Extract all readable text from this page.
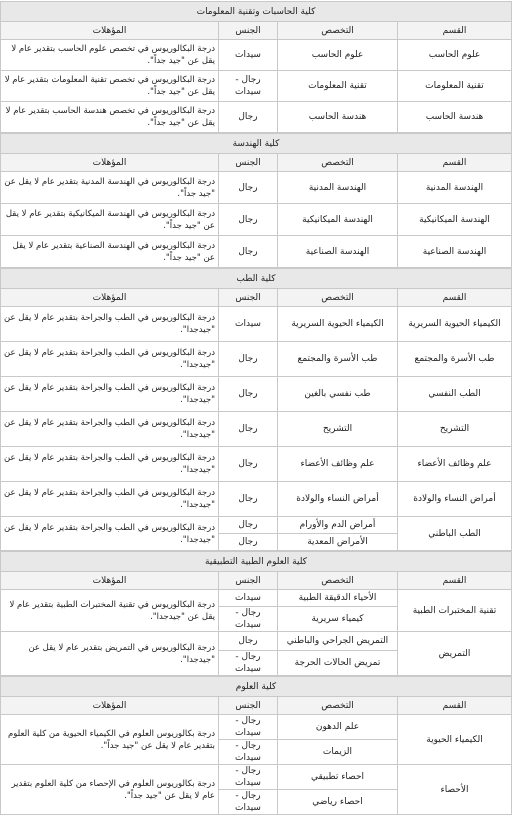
كلية الحاسبات وتقنية المعلومات			
القسم	التخصص	الجنس	المؤهلات
علوم الحاسب	علوم الحاسب	سيدات	درجة البكالوريوس في تخصص علوم الحاسب بتقدير عام لا يقل عن "جيد جداً".
تقنية المعلومات	تقنية المعلومات	رجال - سيدات	درجة البكالوريوس في تخصص تقنية المعلومات بتقدير عام لا يقل عن "جيد جداً".
هندسة الحاسب	هندسة الحاسب	رجال	درجة البكالوريوس في تخصص هندسة الحاسب بتقدير عام لا يقل عن "جيد جداً".
كلية الهندسة			
القسم	التخصص	الجنس	المؤهلات
الهندسة المدنية	الهندسة المدنية	رجال	درجة البكالوريوس في الهندسة المدنية بتقدير عام لا يقل عن "جيد جداً".
الهندسة الميكانيكية	الهندسة الميكانيكية	رجال	درجة البكالوريوس في الهندسة الميكانيكية بتقدير عام لا يقل عن "جيد جداً".
الهندسة الصناعية	الهندسة الصناعية	رجال	درجة البكالوريوس في الهندسة الصناعية بتقدير عام لا يقل عن "جيد جداً".
كلية الطب			
القسم	التخصص	الجنس	المؤهلات
الكيمياء الحيوية السريرية	الكيمياء الحيوية السريرية	سيدات	درجة البكالوريوس في الطب والجراحة بتقدير عام لا يقل عن "جيدجدا".
طب الأسرة والمجتمع	طب الأسرة والمجتمع	رجال	درجة البكالوريوس في الطب والجراحة بتقدير عام لا يقل عن "جيدجدا".
الطب النفسي	طب نفسي بالغين	رجال	درجة البكالوريوس في الطب والجراحة بتقدير عام لا يقل عن "جيدجدا".
التشريح	التشريح	رجال	درجة البكالوريوس في الطب والجراحة بتقدير عام لا يقل عن "جيدجدا".
علم وظائف الأعضاء	علم وظائف الأعضاء	رجال	درجة البكالوريوس في الطب والجراحة بتقدير عام لا يقل عن "جيدجدا".
أمراض النساء والولادة	أمراض النساء والولادة	رجال	درجة البكالوريوس في الطب والجراحة بتقدير عام لا يقل عن "جيدجدا".
الطب الباطني	أمراض الدم والأورام	رجال	درجة البكالوريوس في الطب والجراحة بتقدير عام لا يقل عن "جيدجدا".
	الأمراض المعدية	رجال	
كلية العلوم الطبية التطبيقية			
القسم	التخصص	الجنس	المؤهلات
تقنية المختبرات الطبية	الأحياء الدقيقة الطبية	سيدات	درجة البكالوريوس في تقنية المختبرات الطبية بتقدير عام لا يقل عن "جيدجدا".
	كيمياء سريرية	رجال - سيدات	
التمريض	التمريض الجراحي والباطني	رجال	درجة البكالوريوس في التمريض بتقدير عام لا يقل عن "جيدجدا".
	تمريض الحالات الحرجة	رجال - سيدات	
كلية العلوم			
القسم	التخصص	الجنس	المؤهلات
الكيمياء الحيوية	علم الدهون	رجال - سيدات	درجة بكالوريوس العلوم في الكيمياء الحيوية من كلية العلوم بتقدير عام لا يقل عن "جيد جداً".
	الزيمات	رجال - سيدات	
الأحصاء	احصاء تطبيقي	رجال - سيدات	درجة بكالوريوس العلوم في الإحصاء من كلية العلوم بتقدير عام لا يقل عن "جيد جداً".
	احصاء رياضي	رجال - سيدات	
